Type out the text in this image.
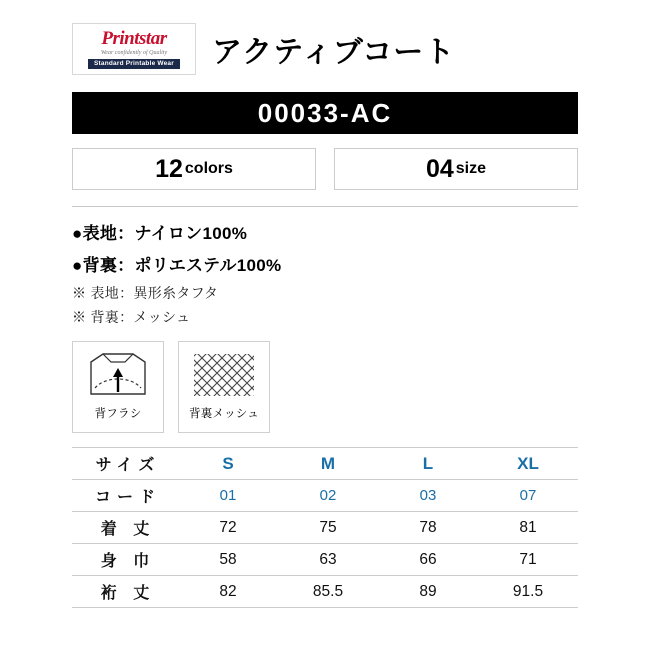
Printstar
Wear confidently of Quality
Standard Printable Wear アクティブコート
00033-AC
12 colors	04 size
●表地：ナイロン100%
●背裏：ポリエステル100%
※ 表地：異形糸タフタ
※ 背裏：メッシュ
背フラシ	背裏メッシュ
サイズ	S	M	L	XL
コード	01	02	03	07
着 丈	72	75	78	81
身 巾	58	63	66	71
裄 丈	82	85.5	89	91.5
